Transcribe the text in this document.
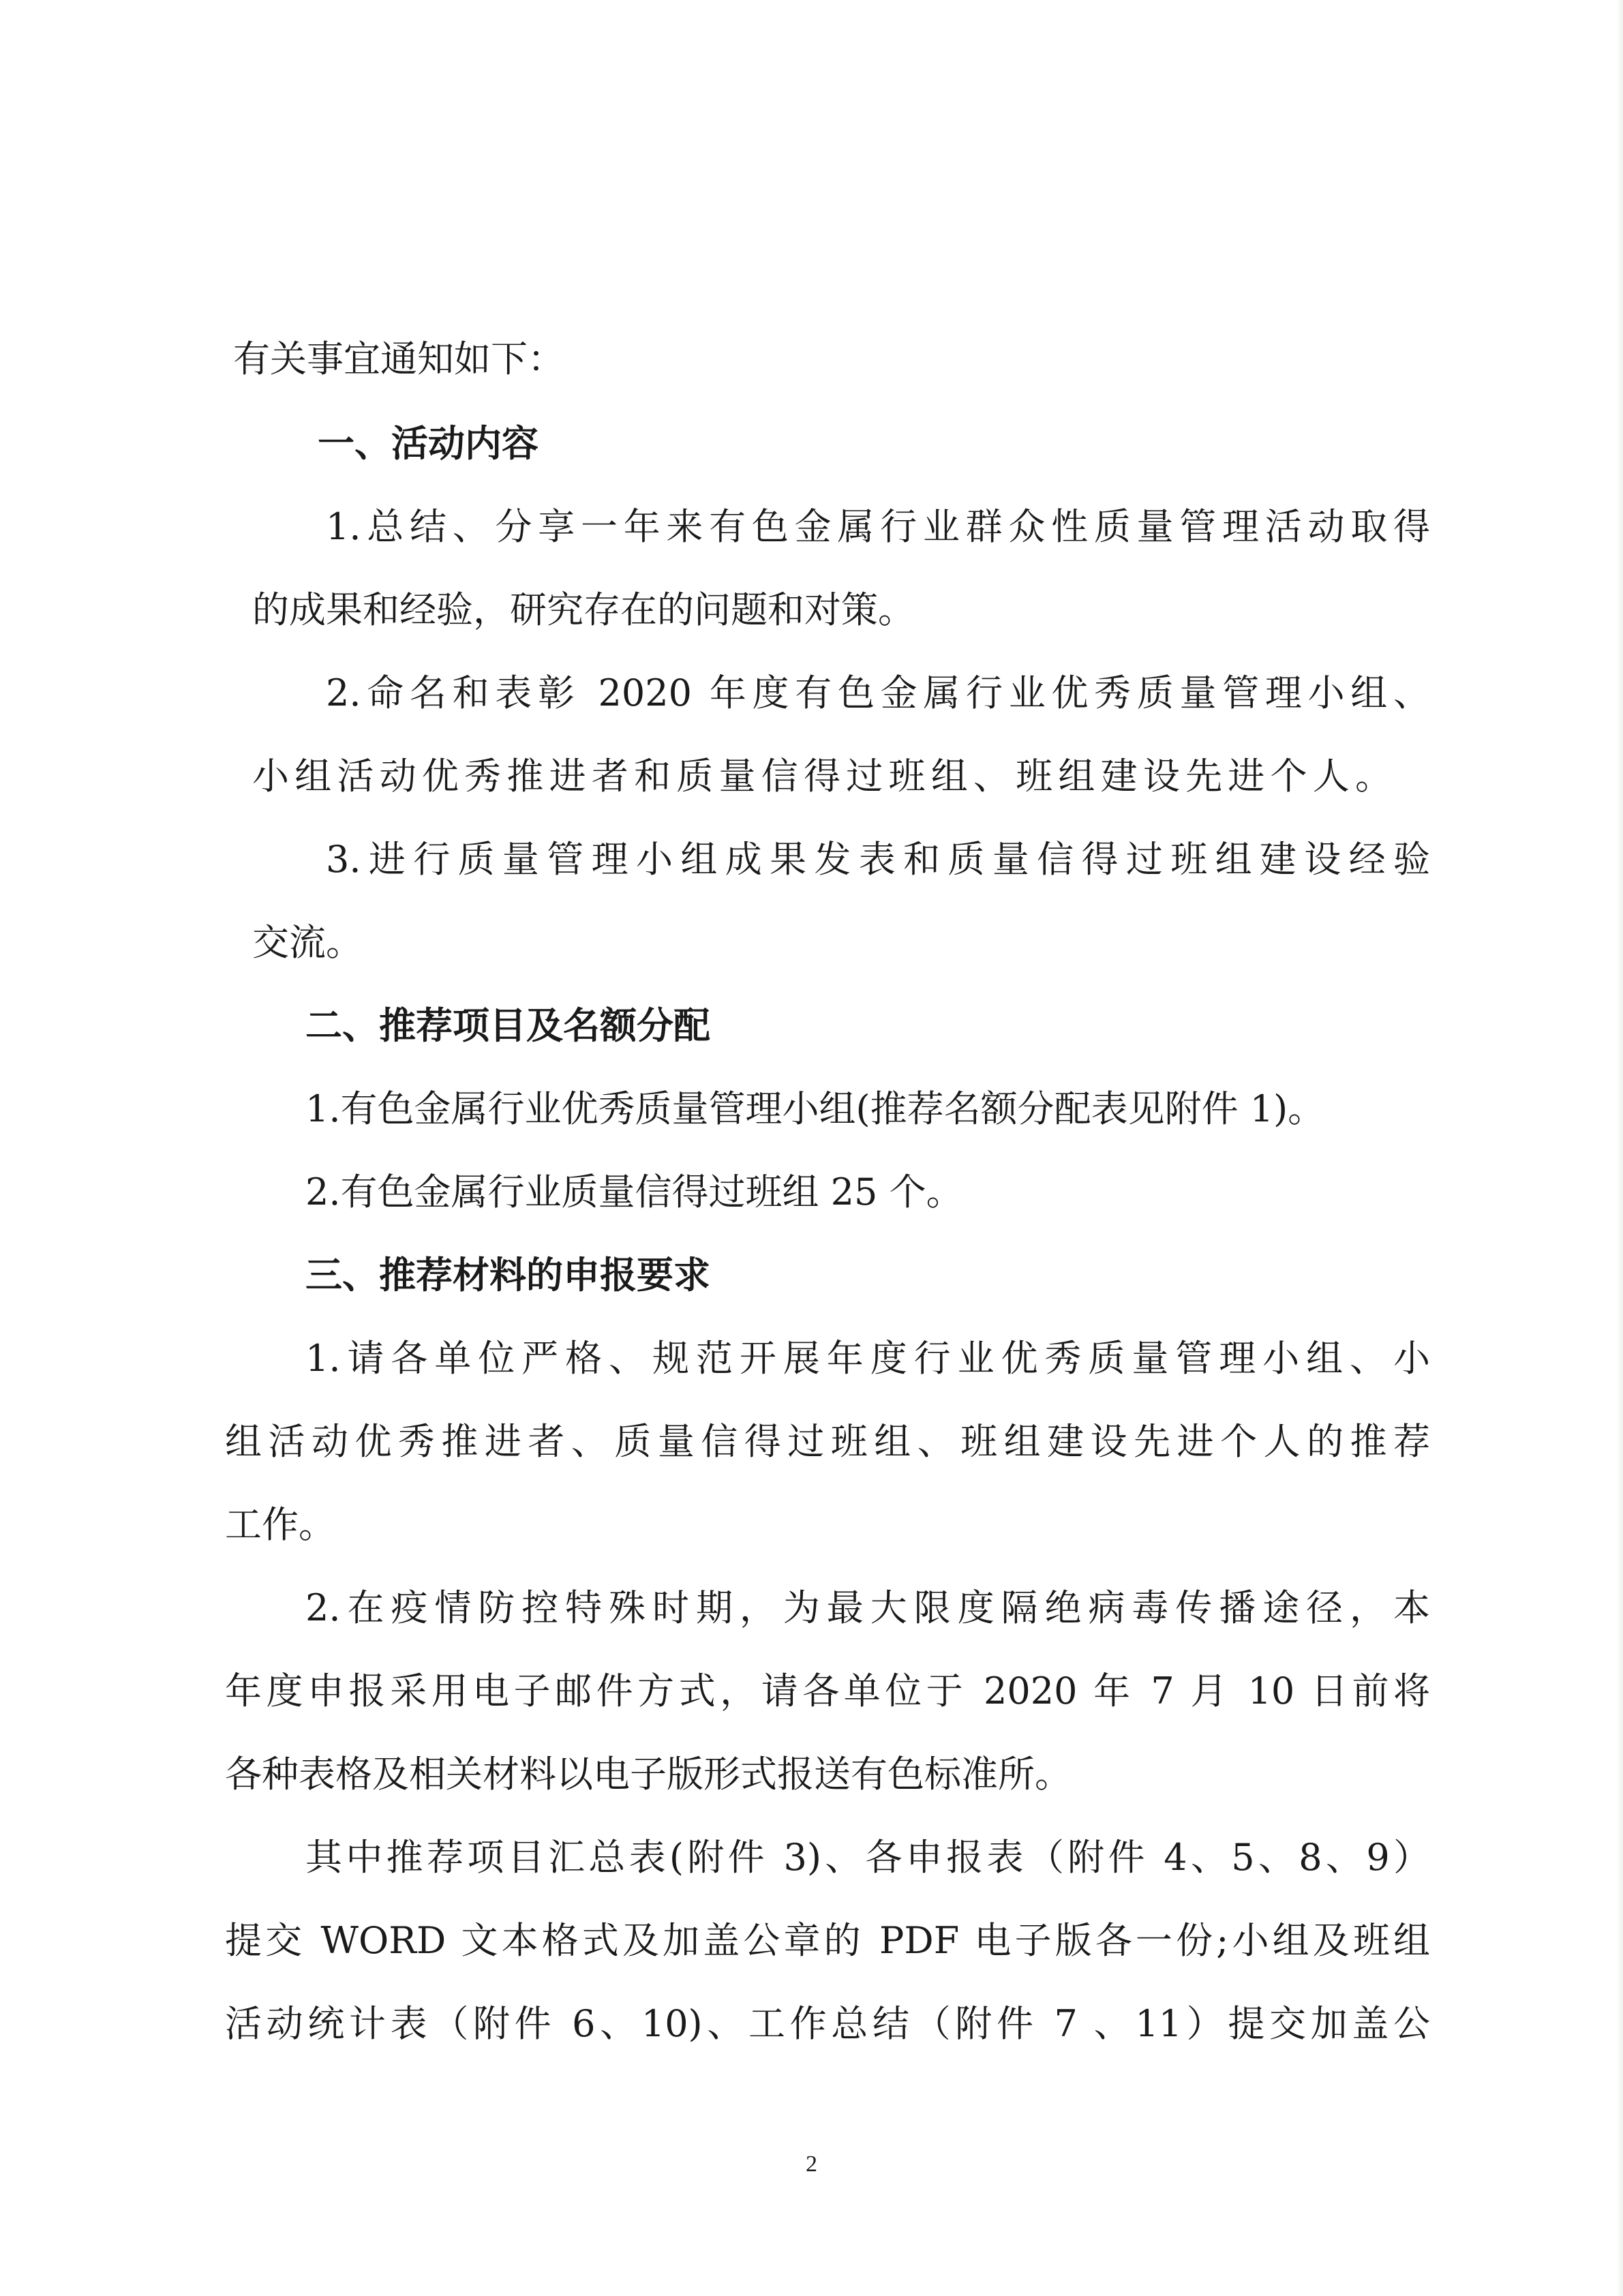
有关事宜通知如下：
一、活动内容
1.总结、分享一年来有色金属行业群众性质量管理活动取得
的成果和经验，研究存在的问题和对策。
2.命名和表彰 2020 年度有色金属行业优秀质量管理小组、
小组活动优秀推进者和质量信得过班组、班组建设先进个人。
3.进行质量管理小组成果发表和质量信得过班组建设经验
交流。
二、推荐项目及名额分配
1.有色金属行业优秀质量管理小组(推荐名额分配表见附件 1)。
2.有色金属行业质量信得过班组 25 个。
三、推荐材料的申报要求
1.请各单位严格、规范开展年度行业优秀质量管理小组、小
组活动优秀推进者、质量信得过班组、班组建设先进个人的推荐
工作。
2.在疫情防控特殊时期，为最大限度隔绝病毒传播途径，本
年度申报采用电子邮件方式，请各单位于 2020 年 7 月 10 日前将
各种表格及相关材料以电子版形式报送有色标准所。
其中推荐项目汇总表(附件 3)、各申报表（附件 4、5、8、9）
提交 WORD 文本格式及加盖公章的 PDF 电子版各一份;小组及班组
活动统计表（附件 6、10)、工作总结（附件 7 、11）提交加盖公
2
